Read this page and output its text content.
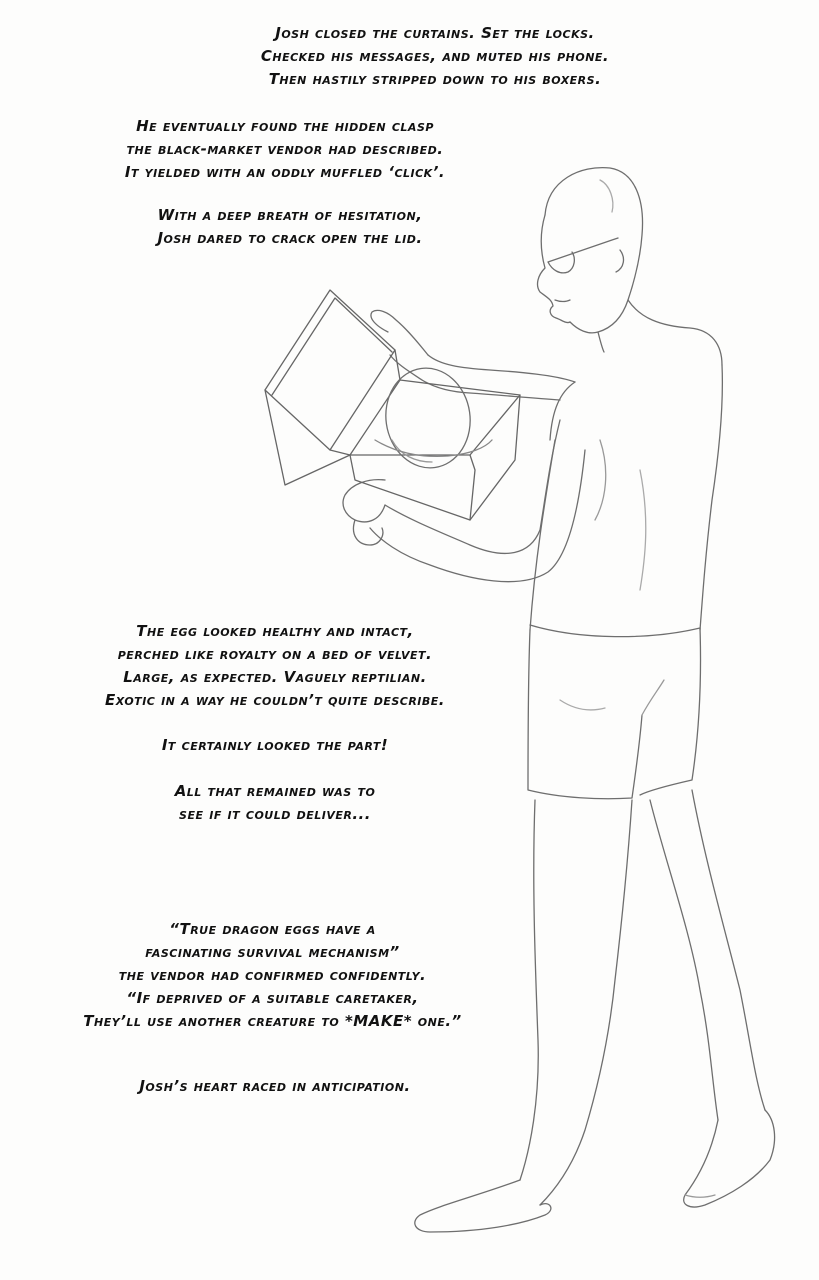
Josh closed the curtains. Set the locks.
Checked his messages, and muted his phone.
Then hastily stripped down to his boxers.
He eventually found the hidden clasp
the black-market vendor had described.
It yielded with an oddly muffled ‘click’.
With a deep breath of hesitation,
Josh dared to crack open the lid.
The egg looked healthy and intact,
perched like royalty on a bed of velvet.
Large, as expected. Vaguely reptilian.
Exotic in a way he couldn’t quite describe.
It certainly looked the part!
All that remained was to
see if it could deliver...
“True dragon eggs have a
fascinating survival mechanism”
the vendor had confirmed confidently.
“If deprived of a suitable caretaker,
They’ll use another creature to *MAKE* one.”
Josh’s heart raced in anticipation.
